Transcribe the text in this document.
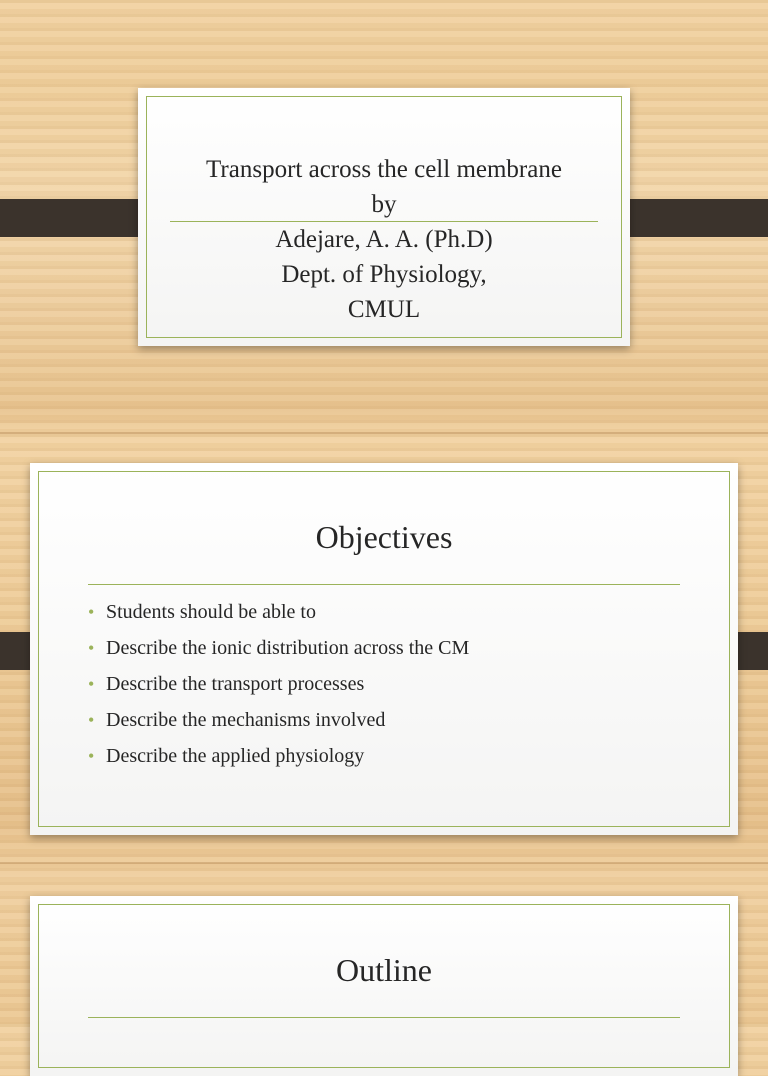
Transport across the cell membrane
by
Adejare, A. A. (Ph.D)
Dept. of Physiology,
CMUL
Objectives
• Students should be able to
• Describe the ionic distribution across the CM
• Describe the transport processes
• Describe the mechanisms involved
• Describe the applied physiology
Outline
